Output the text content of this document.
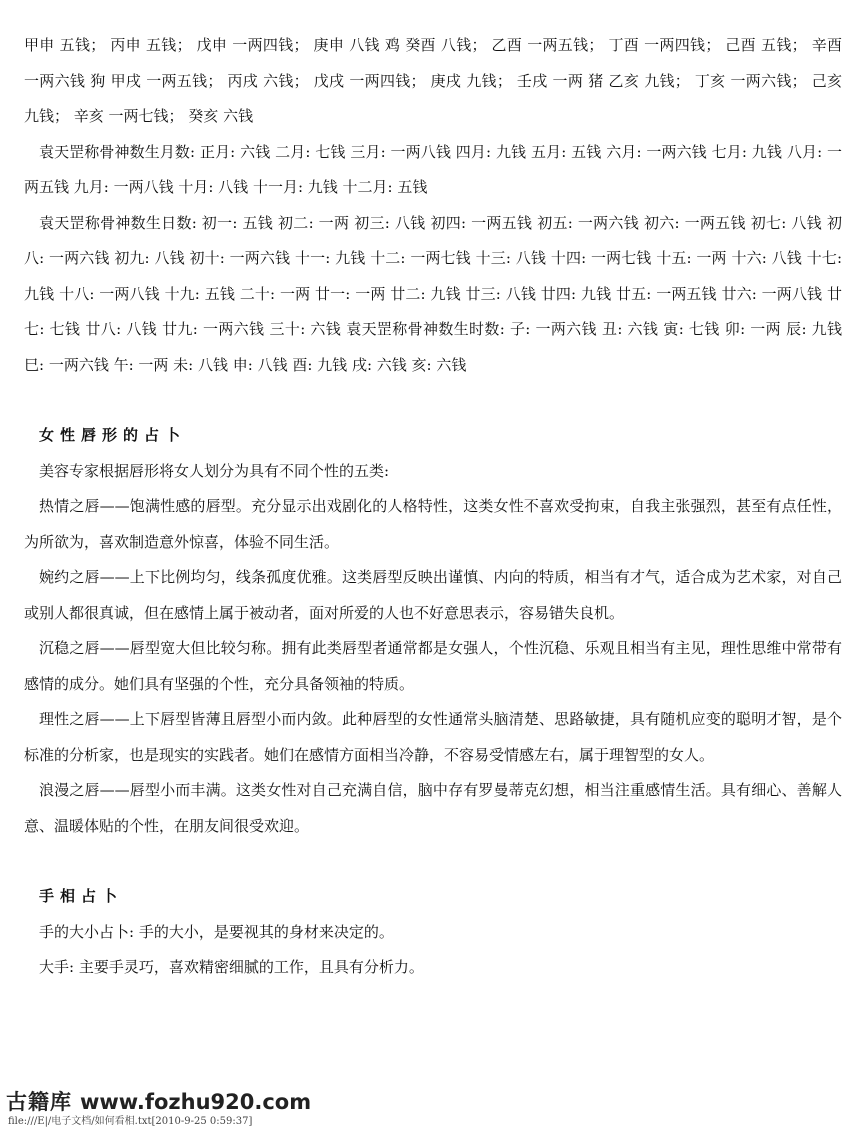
甲申 五钱； 丙申 五钱； 戊申 一两四钱； 庚申 八钱 鸡 癸酉 八钱； 乙酉 一两五钱； 丁酉 一两四钱； 己酉 五钱； 辛酉 一两六钱 狗 甲戌 一两五钱； 丙戌 六钱； 戊戌 一两四钱； 庚戌 九钱； 壬戌 一两 猪 乙亥 九钱； 丁亥 一两六钱； 己亥 九钱； 辛亥 一两七钱； 癸亥 六钱

袁天罡称骨神数生月数: 正月: 六钱 二月: 七钱 三月: 一两八钱 四月: 九钱 五月: 五钱 六月: 一两六钱 七月: 九钱 八月: 一两五钱 九月: 一两八钱 十月: 八钱 十一月: 九钱 十二月: 五钱

袁天罡称骨神数生日数: 初一: 五钱 初二: 一两 初三: 八钱 初四: 一两五钱 初五: 一两六钱 初六: 一两五钱 初七: 八钱 初八: 一两六钱 初九: 八钱 初十: 一两六钱 十一: 九钱 十二: 一两七钱 十三: 八钱 十四: 一两七钱 十五: 一两 十六: 八钱 十七: 九钱 十八: 一两八钱 十九: 五钱 二十: 一两 廿一: 一两 廿二: 九钱 廿三: 八钱 廿四: 九钱 廿五: 一两五钱 廿六: 一两八钱 廿七: 七钱 廿八: 八钱 廿九: 一两六钱 三十: 六钱 袁天罡称骨神数生时数: 子: 一两六钱 丑: 六钱 寅: 七钱 卯: 一两 辰: 九钱 巳: 一两六钱 午: 一两 未: 八钱 申: 八钱 酉: 九钱 戌: 六钱 亥: 六钱

女性唇形的占卜

美容专家根据唇形将女人划分为具有不同个性的五类:

热情之唇——饱满性感的唇型。充分显示出戏剧化的人格特性，这类女性不喜欢受拘束，自我主张强烈，甚至有点任性，为所欲为，喜欢制造意外惊喜，体验不同生活。

婉约之唇——上下比例均匀，线条孤度优雅。这类唇型反映出谨慎、内向的特质，相当有才气，适合成为艺术家，对自己或别人都很真诚，但在感情上属于被动者，面对所爱的人也不好意思表示，容易错失良机。

沉稳之唇——唇型宽大但比较匀称。拥有此类唇型者通常都是女强人，个性沉稳、乐观且相当有主见，理性思维中常带有感情的成分。她们具有坚强的个性，充分具备领袖的特质。

理性之唇——上下唇型皆薄且唇型小而内敛。此种唇型的女性通常头脑清楚、思路敏捷，具有随机应变的聪明才智，是个标准的分析家，也是现实的实践者。她们在感情方面相当冷静，不容易受情感左右，属于理智型的女人。

浪漫之唇——唇型小而丰满。这类女性对自己充满自信，脑中存有罗曼蒂克幻想，相当注重感情生活。具有细心、善解人意、温暖体贴的个性，在朋友间很受欢迎。

手相占卜

手的大小占卜: 手的大小，是要视其的身材来决定的。

大手: 主要手灵巧，喜欢精密细腻的工作，且具有分析力。

古籍库 www.fozhu920.com
file:///E|/电子文档/如何看相.txt[2010-9-25 0:59:37]
